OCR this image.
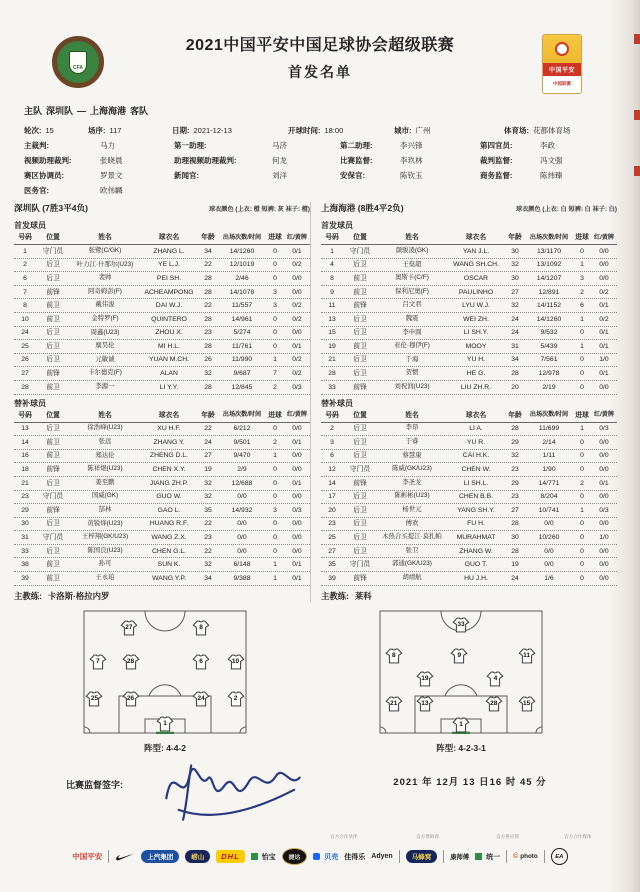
CFA
2021中国平安中国足球协会超级联赛
首发名单	中国平安
中超联赛
主队 深圳队 — 上海海港 客队
轮次: 15	场序: 117	日期: 2021-12-13	开球时间: 18:00	城市: 广州	体育场: 花都体育场
主裁判:	马力	第一助理:	马济	第二助理:	李兴锋	第四官员:	李政
视频助理裁判:	张晓晨	助理视频助理裁判:	何龙	比赛监督:	李玖林	裁判监督:	冯文强
赛区协调员:	罗景文	新闻官:	刘洋	安保官:	陈钦玉	商务监督:	陈炜臻
医务官:	欧伟麟
深圳队 (7胜3平4负)	球衣颜色 (上衣: 橙 短裤: 灰 袜子: 橙)
首发球员
号码	位置	姓名	球衣名	年龄	出场次数/时间	进球 红/黄牌
1	守门员	张鹭(C/GK)	ZHANG L.	34	14/1260	0	0/1
2	后卫	叶力江·什那尔(U23)	YE L.J.	22	12/1019	0	0/2
6	后卫	裴帅	PEI SH.	28	2/46	0	0/0
7	前锋	阿奇姆彭(F)	ACHEAMPONG	28	14/1078	3	0/0
8	前卫	戴伟浚	DAI W.J.	22	11/557	3	0/2
10	前卫	金特罗(F)	QUINTERO	28	14/961	0	0/2
24	后卫	周鑫(U23)	ZHOU X.	23	5/274	0	0/0
25	后卫	糜昊伦	MI H.L.	28	11/761	0	0/1
26	后卫	元敏诚	YUAN M.CH.	26	11/990	1	0/2
27	前锋	卡尔德克(F)	ALAN	32	9/687	7	0/2
28	前卫	李源一	LI Y.Y.	28	12/845	2	0/3
替补球员
号码	位置	姓名	球衣名	年龄	出场次数/时间	进球 红/黄牌
13	后卫	徐浩峰(U23)	XU H.F.	22	6/212	0	0/0
14	前卫	张远	ZHANG Y.	24	9/501	2	0/1
16	前卫	郑达伦	ZHENG D.L.	27	9/470	1	0/0
18	前锋	陈祥煜(U23)	CHEN X.Y.	19	2/9	0	0/0
21	后卫	姜至鹏	JIANG ZH.P.	32	12/688	0	0/1
23	守门员	国威(GK)	GUO W.	32	0/0	0	0/0
29	前锋	郜林	GAO L.	35	14/932	3	0/3
30	后卫	黄锐烽(U23)	HUANG R.F.	22	0/0	0	0/0
31	守门员	王梓翔(GK/U23)	WANG Z.X.	23	0/0	0	0/0
33	后卫	陈国良(U23)	CHEN G.L.	22	0/0	0	0/0
38	前卫	孙可	SUN K.	32	6/148	1	0/1
39	前卫	王永珀	WANG Y.P.	34	9/388	1	0/1
主教练: 卡洛斯·格拉内罗
上海海港 (8胜4平2负)	球衣颜色 (上衣: 白 短裤: 白 袜子: 白)
首发球员
号码	位置	姓名	球衣名	年龄	出场次数/时间	进球 红/黄牌
1	守门员	颜骏凌(GK)	YAN J.L.	30	13/1170	0	0/0
4	后卫	王燊超	WANG SH.CH.	32	13/1092	1	0/0
8	前卫	奥斯卡(C/F)	OSCAR	30	14/1207	3	0/0
9	前卫	保利尼奥(F)	PAULINHO	27	12/891	2	0/2
11	前锋	吕文君	LYU W.J.	32	14/1152	6	0/1
13	后卫	魏震	WEI ZH.	24	14/1260	1	0/2
15	后卫	李申圆	LI SH.Y.	24	9/532	0	0/1
19	前卫	亚伦·穆伊(F)	MOOY	31	5/439	1	0/1
21	后卫	于海	YU H.	34	7/561	0	1/0
28	后卫	贺惯	HE G.	28	12/978	0	0/1
33	前锋	刘祝润(U23)	LIU ZH.R.	20	2/19	0	0/0
替补球员
号码	位置	姓名	球衣名	年龄	出场次数/时间	进球 红/黄牌
2	后卫	李昂	LI A.	28	11/699	1	0/3
3	后卫	于睿	YU R.	29	2/14	0	0/0
6	后卫	蔡慧康	CAI H.K.	32	1/11	0	0/0
12	守门员	陈威(GK/U23)	CHEN W.	23	1/90	0	0/0
14	前锋	李圣龙	LI SH.L.	29	14/771	2	0/1
17	后卫	陈彬彬(U23)	CHEN B.B.	23	8/204	0	0/0
20	后卫	杨世元	YANG SH.Y.	27	10/741	1	0/3
23	后卫	傅欢	FU H.	28	0/0	0	0/0
25	后卫	木热合买提江·莫扎帕	MURAHMAT	30	10/260	0	1/0
27	后卫	张卫	ZHANG W.	28	0/0	0	0/0
35	守门员	郭通(GK/U23)	GUO T.	19	0/0	0	0/0
39	前锋	胡靖航	HU J.H.	24	1/6	0	0/0
主教练: 莱科
27	8
7	28	6	10
25	26	24	2
1
33
8	9	11
19	4
21	13	28	15
1
阵型: 4-4-2	阵型: 4-2-3-1
比赛监督签字:	2021 年 12月 13 日16 时 45 分
官方合作伙伴	官方赞助商	官方供应商	官方合作媒体
中国平安	上汽集团	崂山 DHL	怡宝 捷达	贝壳 佳得乐 Adyen	马蜂窝	康师傅 统一 © photo	EA
